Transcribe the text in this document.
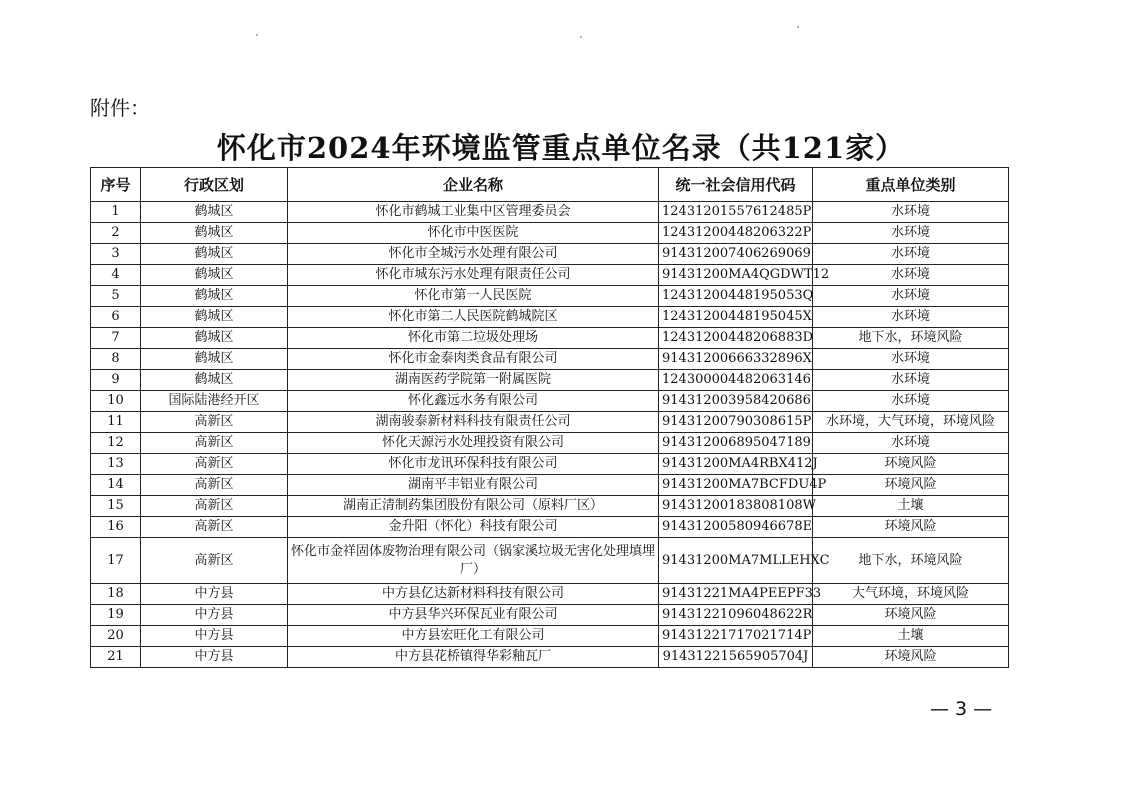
附件：
怀化市2024年环境监管重点单位名录（共121家）
序号	行政区划	企业名称	统一社会信用代码	重点单位类别
1	鹤城区	怀化市鹤城工业集中区管理委员会	12431201557612485P	水环境
2	鹤城区	怀化市中医医院	12431200448206322P	水环境
3	鹤城区	怀化市全城污水处理有限公司	91431200740626906​9	水环境
4	鹤城区	怀化市城东污水处理有限责任公司	91431200MA4QGDWT12	水环境
5	鹤城区	怀化市第一人民医院	12431200448195053Q	水环境
6	鹤城区	怀化市第二人民医院鹤城院区	12431200448195045X	水环境
7	鹤城区	怀化市第二垃圾处理场	12431200448206883D	地下水，环境风险
8	鹤城区	怀化市金泰肉类食品有限公司	91431200666332896X	水环境
9	鹤城区	湖南医药学院第一附属医院	124300004482063146	水环境
10	国际陆港经开区	怀化鑫远水务有限公司	914312003958420686	水环境
11	高新区	湖南骏泰新材料科技有限责任公司	91431200790308615P	水环境，大气环境，环境风险
12	高新区	怀化天源污水处理投资有限公司	914312006895047189	水环境
13	高新区	怀化市龙讯环保科技有限公司	91431200MA4RBX412J	环境风险
14	高新区	湖南平丰铝业有限公司	91431200MA7BCFDU4P	环境风险
15	高新区	湖南正清制药集团股份有限公司（原料厂区）	91431200183808108W	土壤
16	高新区	金升阳（怀化）科技有限公司	91431200580946678E	环境风险
17	高新区	怀化市金祥固体废物治理有限公司（锅家溪垃圾无害化处理填埋厂）	91431200MA7MLLEHXC	地下水，环境风险
18	中方县	中方县亿达新材料科技有限公司	91431221MA4PEEPF33	大气环境，环境风险
19	中方县	中方县华兴环保瓦业有限公司	91431221096048622R	环境风险
20	中方县	中方县宏旺化工有限公司	91431221717021714P	土壤
21	中方县	中方县花桥镇得华彩釉瓦厂	91431221565905704J	环境风险
— 3 —
